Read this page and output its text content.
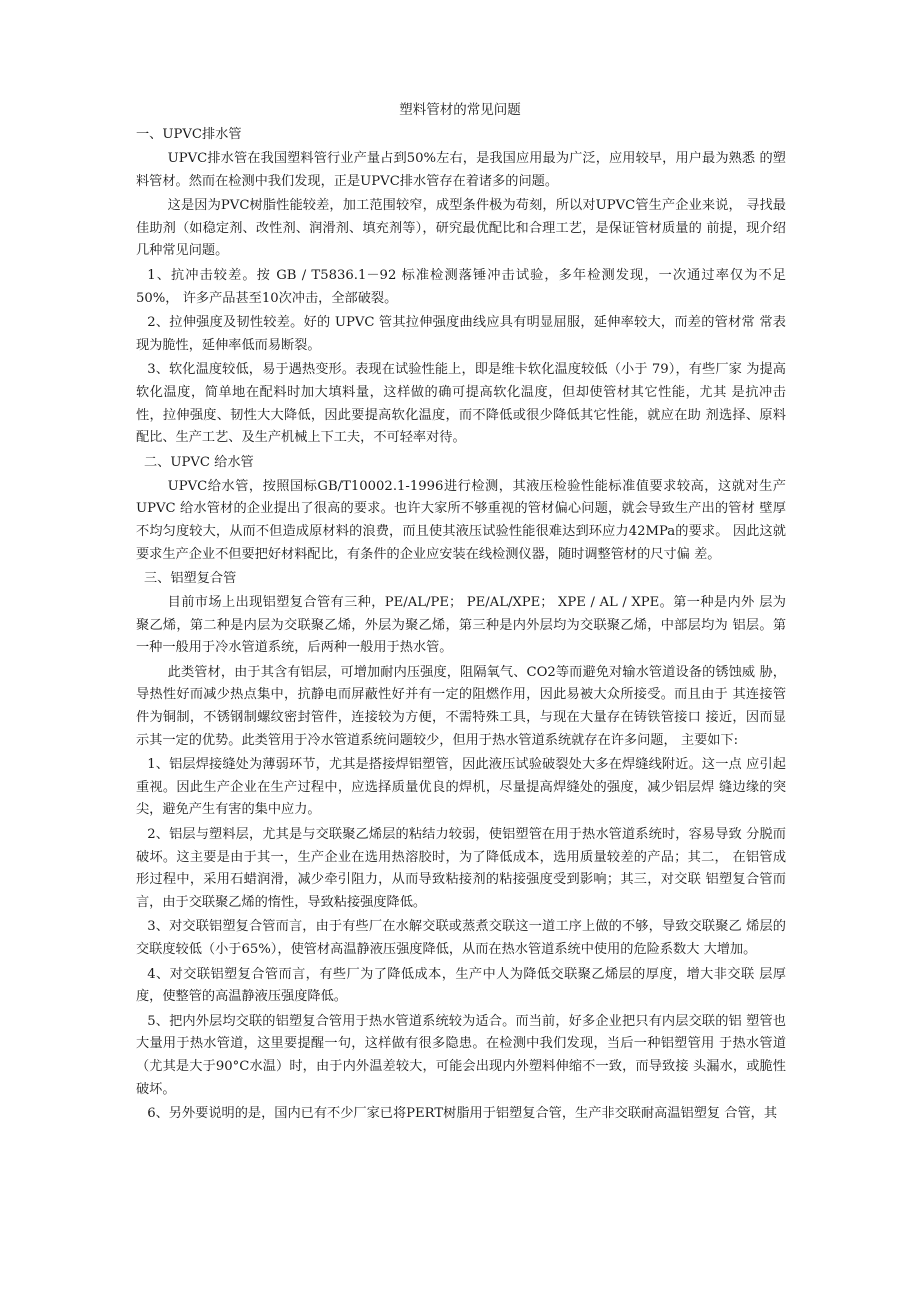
塑料管材的常见问题
一、UPVC排水管
UPVC排水管在我国塑料管行业产量占到50%左右，是我国应用最为广泛，应用较早，用户最为熟悉 的塑料管材。然而在检测中我们发现，正是UPVC排水管存在着诸多的问题。
这是因为PVC树脂性能较差，加工范围较窄，成型条件极为苟刻，所以对UPVC管生产企业来说， 寻找最佳助剂（如稳定剂、改性剂、润滑剂、填充剂等），研究最优配比和合理工艺，是保证管材质量的 前提，现介绍几种常见问题。
1、抗冲击较差。按 GB / T5836.1－92 标准检测落锤冲击试验，多年检测发现，一次通过率仅为不足 50%， 许多产品甚至10次冲击，全部破裂。
2、拉伸强度及韧性较差。好的 UPVC 管其拉伸强度曲线应具有明显屈服，延伸率较大，而差的管材常 常表现为脆性，延伸率低而易断裂。
3、软化温度较低，易于遇热变形。表现在试验性能上，即是维卡软化温度较低（小于 79），有些厂家 为提高软化温度，简单地在配料时加大填料量，这样做的确可提高软化温度，但却使管材其它性能，尤其 是抗冲击性，拉伸强度、韧性大大降低，因此要提高软化温度，而不降低或很少降低其它性能，就应在助 剂选择、原料配比、生产工艺、及生产机械上下工夫，不可轻率对待。
二、UPVC 给水管
UPVC给水管，按照国标GB/T10002.1-1996进行检测，其液压检验性能标准值要求较高，这就对生产 UPVC 给水管材的企业提出了很高的要求。也许大家所不够重视的管材偏心问题，就会导致生产出的管材 壁厚不均匀度较大，从而不但造成原材料的浪费，而且使其液压试验性能很难达到环应力42MPa的要求。 因此这就要求生产企业不但要把好材料配比，有条件的企业应安装在线检测仪器，随时调整管材的尺寸偏 差。
三、铝塑复合管
目前市场上出现铝塑复合管有三种，PE/AL/PE； PE/AL/XPE； XPE / AL / XPE。第一种是内外 层为聚乙烯，第二种是内层为交联聚乙烯，外层为聚乙烯，第三种是内外层均为交联聚乙烯，中部层均为 铝层。第一种一般用于冷水管道系统，后两种一般用于热水管。
此类管材，由于其含有铝层，可增加耐内压强度，阻隔氧气、CO2等而避免对输水管道设备的锈蚀威 胁，导热性好而减少热点集中，抗静电而屏蔽性好并有一定的阻燃作用，因此易被大众所接受。而且由于 其连接管件为铜制，不锈钢制螺纹密封管件，连接较为方便，不需特殊工具，与现在大量存在铸铁管接口 接近，因而显示其一定的优势。此类管用于冷水管道系统问题较少，但用于热水管道系统就存在许多问题， 主要如下:
1、铝层焊接缝处为薄弱环节，尤其是搭接焊铝塑管，因此液压试验破裂处大多在焊缝线附近。这一点 应引起重视。因此生产企业在生产过程中，应选择质量优良的焊机，尽量提高焊缝处的强度，减少铝层焊 缝边缘的突尖，避免产生有害的集中应力。
2、铝层与塑料层，尤其是与交联聚乙烯层的粘结力较弱，使铝塑管在用于热水管道系统时，容易导致 分脱而破坏。这主要是由于其一，生产企业在选用热溶胶时，为了降低成本，选用质量较差的产品；其二， 在铝管成形过程中，采用石蜡润滑，减少牵引阻力，从而导致粘接剂的粘接强度受到影响；其三，对交联 铝塑复合管而言，由于交联聚乙烯的惰性，导致粘接强度降低。
3、对交联铝塑复合管而言，由于有些厂在水解交联或蒸煮交联这一道工序上做的不够，导致交联聚乙 烯层的交联度较低（小于65%），使管材高温静液压强度降低，从而在热水管道系统中使用的危险系数大 大增加。
4、对交联铝塑复合管而言，有些厂为了降低成本，生产中人为降低交联聚乙烯层的厚度，增大非交联 层厚度，使整管的高温静液压强度降低。
5、把内外层均交联的铝塑复合管用于热水管道系统较为适合。而当前，好多企业把只有内层交联的铝 塑管也大量用于热水管道，这里要提醒一句，这样做有很多隐患。在检测中我们发现，当后一种铝塑管用 于热水管道（尤其是大于90°C水温）时，由于内外温差较大，可能会出现内外塑料伸缩不一致，而导致接 头漏水，或脆性破坏。
6、另外要说明的是，国内已有不少厂家已将PERT树脂用于铝塑复合管，生产非交联耐高温铝塑复 合管，其
